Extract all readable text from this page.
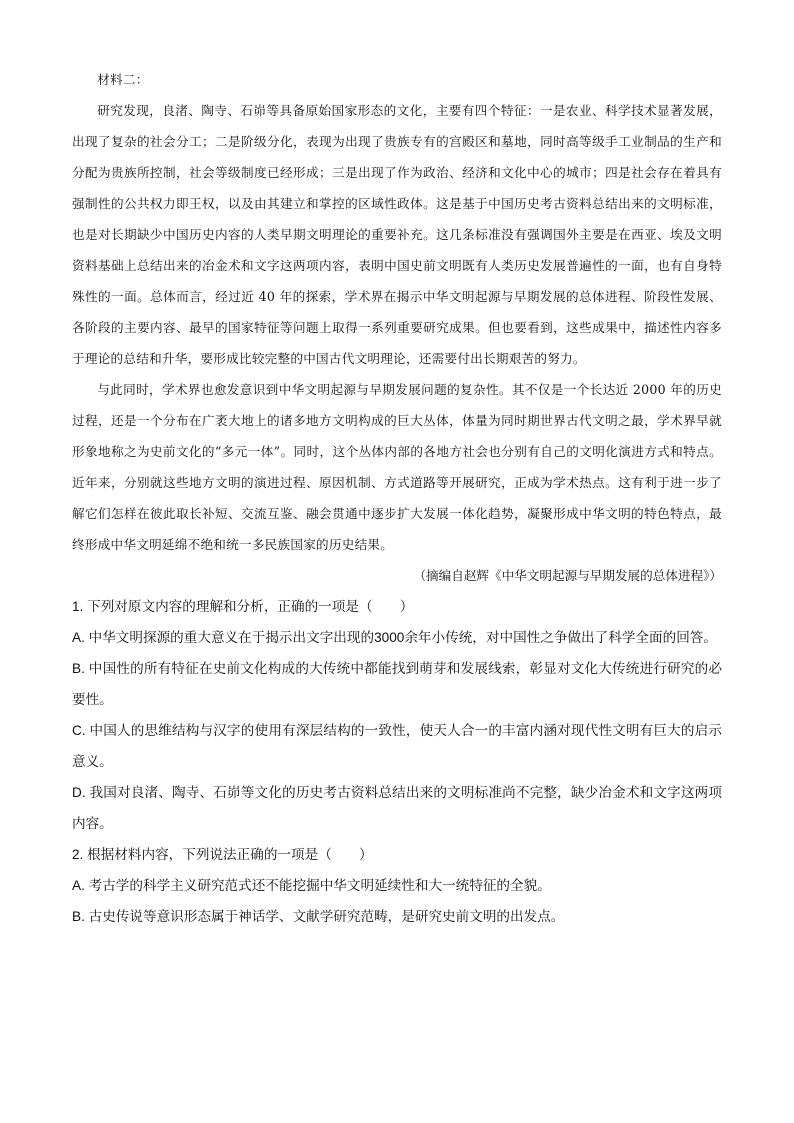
材料二：

研究发现，良渚、陶寺、石峁等具备原始国家形态的文化，主要有四个特征：一是农业、科学技术显著发展，出现了复杂的社会分工；二是阶级分化，表现为出现了贵族专有的宫殿区和墓地，同时高等级手工业制品的生产和分配为贵族所控制，社会等级制度已经形成；三是出现了作为政治、经济和文化中心的城市；四是社会存在着具有强制性的公共权力即王权，以及由其建立和掌控的区域性政体。这是基于中国历史考古资料总结出来的文明标准，也是对长期缺少中国历史内容的人类早期文明理论的重要补充。这几条标准没有强调国外主要是在西亚、埃及文明资料基础上总结出来的冶金术和文字这两项内容，表明中国史前文明既有人类历史发展普遍性的一面，也有自身特殊性的一面。总体而言，经过近 40 年的探索，学术界在揭示中华文明起源与早期发展的总体进程、阶段性发展、各阶段的主要内容、最早的国家特征等问题上取得一系列重要研究成果。但也要看到，这些成果中，描述性内容多于理论的总结和升华，要形成比较完整的中国古代文明理论，还需要付出长期艰苦的努力。

与此同时，学术界也愈发意识到中华文明起源与早期发展问题的复杂性。其不仅是一个长达近 2000 年的历史过程，还是一个分布在广袤大地上的诸多地方文明构成的巨大丛体，体量为同时期世界古代文明之最，学术界早就形象地称之为史前文化的“多元一体”。同时，这个丛体内部的各地方社会也分别有自己的文明化演进方式和特点。近年来，分别就这些地方文明的演进过程、原因机制、方式道路等开展研究，正成为学术热点。这有利于进一步了解它们怎样在彼此取长补短、交流互鉴、融会贯通中逐步扩大发展一体化趋势，凝聚形成中华文明的特色特点，最终形成中华文明延绵不绝和统一多民族国家的历史结果。

（摘编自赵辉《中华文明起源与早期发展的总体进程》）

1. 下列对原文内容的理解和分析，正确的一项是（　　）

A. 中华文明探源的重大意义在于揭示出文字出现的3000余年小传统，对中国性之争做出了科学全面的回答。

B. 中国性的所有特征在史前文化构成的大传统中都能找到萌芽和发展线索，彰显对文化大传统进行研究的必要性。

C. 中国人的思维结构与汉字的使用有深层结构的一致性，使天人合一的丰富内涵对现代性文明有巨大的启示意义。

D. 我国对良渚、陶寺、石峁等文化的历史考古资料总结出来的文明标准尚不完整，缺少冶金术和文字这两项内容。

2. 根据材料内容，下列说法正确的一项是（　　）

A. 考古学的科学主义研究范式还不能挖掘中华文明延续性和大一统特征的全貌。

B. 古史传说等意识形态属于神话学、文献学研究范畴，是研究史前文明的出发点。
